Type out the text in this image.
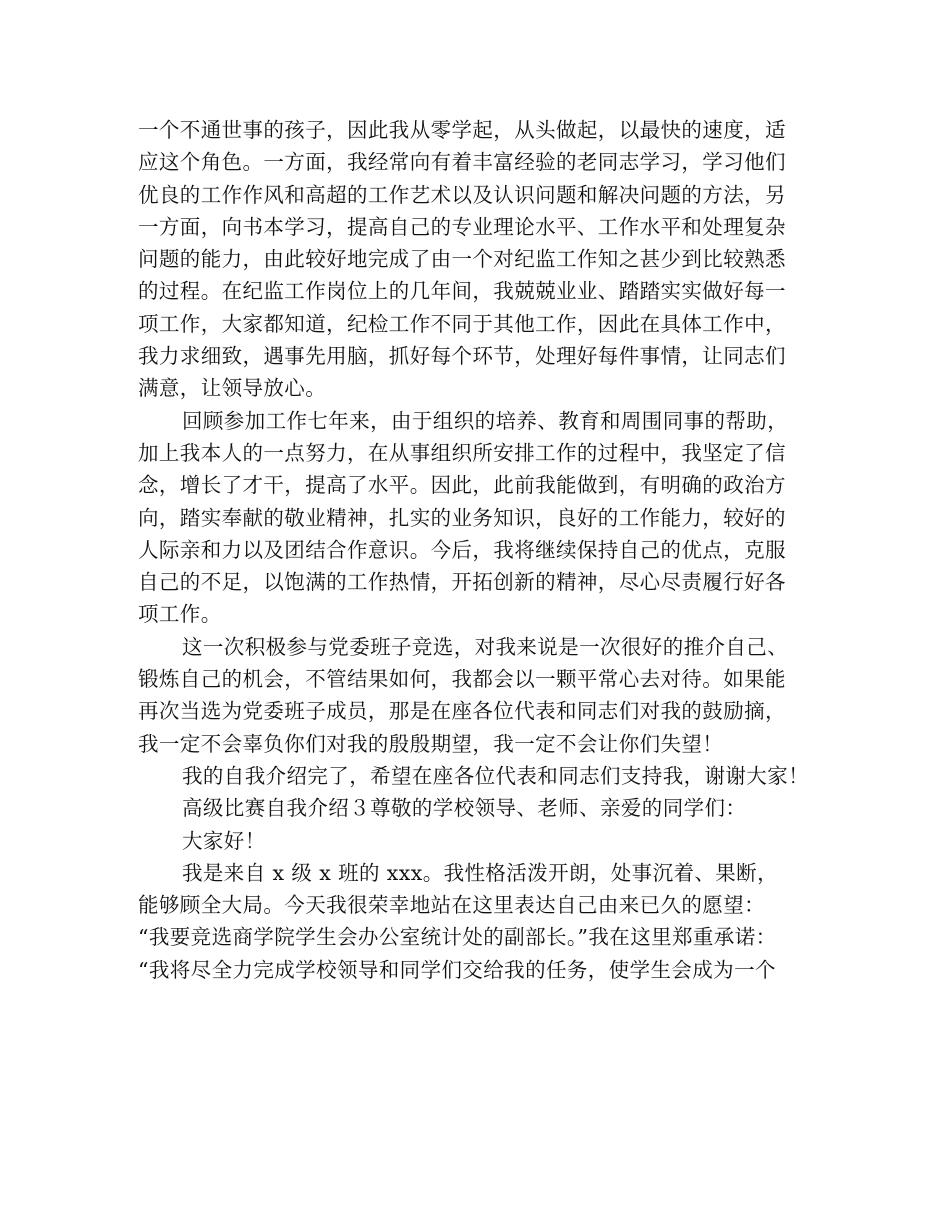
一个不通世事的孩子，因此我从零学起，从头做起，以最快的速度，适
应这个角色。一方面，我经常向有着丰富经验的老同志学习，学习他们
优良的工作作风和高超的工作艺术以及认识问题和解决问题的方法，另
一方面，向书本学习，提高自己的专业理论水平、工作水平和处理复杂
问题的能力，由此较好地完成了由一个对纪监工作知之甚少到比较熟悉
的过程。在纪监工作岗位上的几年间，我兢兢业业、踏踏实实做好每一
项工作，大家都知道，纪检工作不同于其他工作，因此在具体工作中，
我力求细致，遇事先用脑，抓好每个环节，处理好每件事情，让同志们
满意，让领导放心。
回顾参加工作七年来，由于组织的培养、教育和周围同事的帮助，
加上我本人的一点努力，在从事组织所安排工作的过程中，我坚定了信
念，增长了才干，提高了水平。因此，此前我能做到，有明确的政治方
向，踏实奉献的敬业精神，扎实的业务知识，良好的工作能力，较好的
人际亲和力以及团结合作意识。今后，我将继续保持自己的优点，克服
自己的不足，以饱满的工作热情，开拓创新的精神，尽心尽责履行好各
项工作。
这一次积极参与党委班子竞选，对我来说是一次很好的推介自己、
锻炼自己的机会，不管结果如何，我都会以一颗平常心去对待。如果能
再次当选为党委班子成员，那是在座各位代表和同志们对我的鼓励摘，
我一定不会辜负你们对我的殷殷期望，我一定不会让你们失望！
我的自我介绍完了，希望在座各位代表和同志们支持我，谢谢大家！
高级比赛自我介绍３尊敬的学校领导、老师、亲爱的同学们：
大家好！
我是来自 x 级 x 班的 xxx。我性格活泼开朗，处事沉着、果断，
能够顾全大局。今天我很荣幸地站在这里表达自己由来已久的愿望：
“我要竞选商学院学生会办公室统计处的副部长。”我在这里郑重承诺：
“我将尽全力完成学校领导和同学们交给我的任务，使学生会成为一个
